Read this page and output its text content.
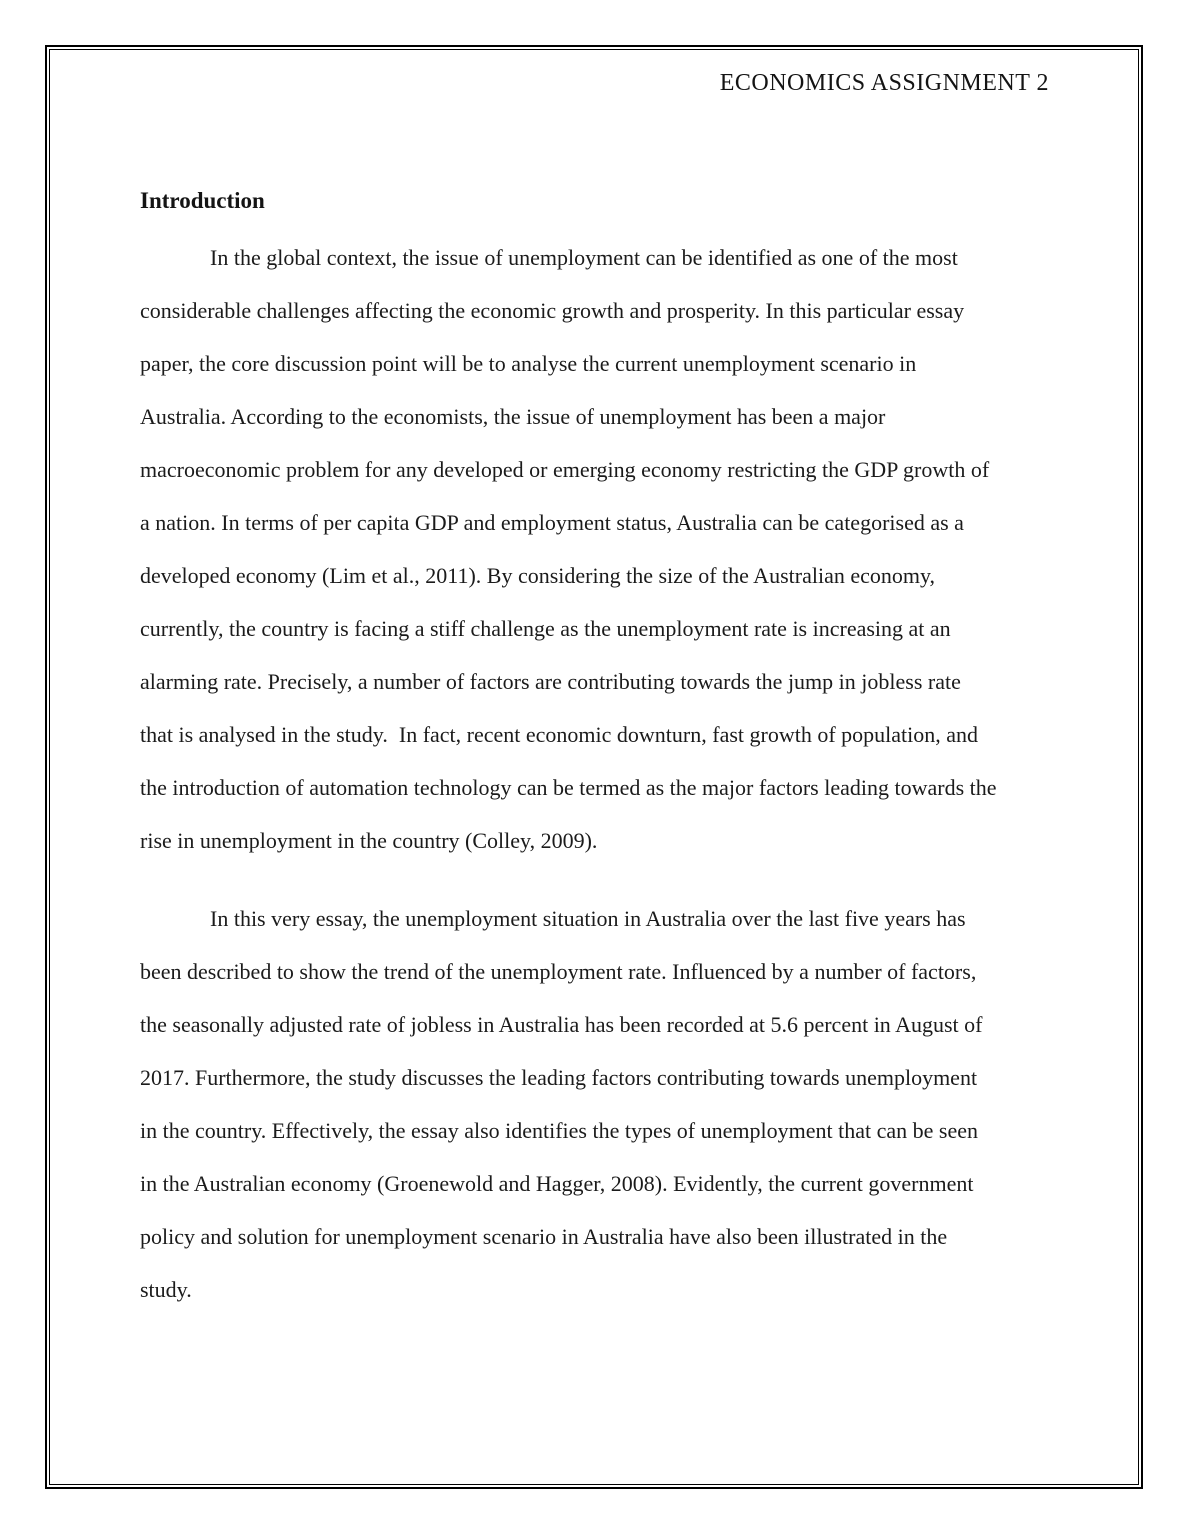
ECONOMICS ASSIGNMENT 2
Introduction
In the global context, the issue of unemployment can be identified as one of the most
considerable challenges affecting the economic growth and prosperity. In this particular essay
paper, the core discussion point will be to analyse the current unemployment scenario in
Australia. According to the economists, the issue of unemployment has been a major
macroeconomic problem for any developed or emerging economy restricting the GDP growth of
a nation. In terms of per capita GDP and employment status, Australia can be categorised as a
developed economy (Lim et al., 2011). By considering the size of the Australian economy,
currently, the country is facing a stiff challenge as the unemployment rate is increasing at an
alarming rate. Precisely, a number of factors are contributing towards the jump in jobless rate
that is analysed in the study.  In fact, recent economic downturn, fast growth of population, and
the introduction of automation technology can be termed as the major factors leading towards the
rise in unemployment in the country (Colley, 2009).
In this very essay, the unemployment situation in Australia over the last five years has
been described to show the trend of the unemployment rate. Influenced by a number of factors,
the seasonally adjusted rate of jobless in Australia has been recorded at 5.6 percent in August of
2017. Furthermore, the study discusses the leading factors contributing towards unemployment
in the country. Effectively, the essay also identifies the types of unemployment that can be seen
in the Australian economy (Groenewold and Hagger, 2008). Evidently, the current government
policy and solution for unemployment scenario in Australia have also been illustrated in the
study.
